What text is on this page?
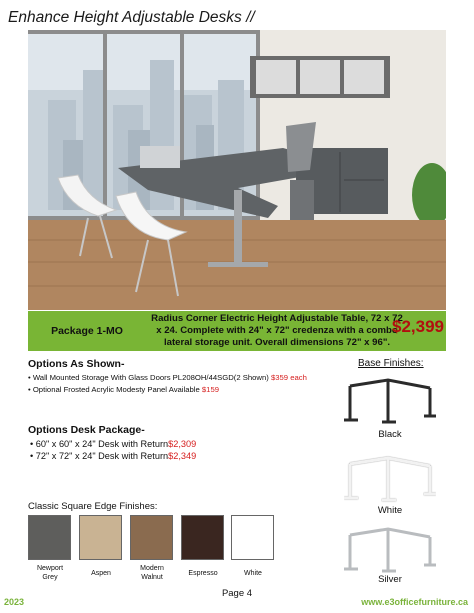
Enhance Height Adjustable Desks //
Package 1-MO
Radius Corner Electric Height Adjustable Table, 72 x 72
x 24. Complete with 24" x 72" credenza with a combo
lateral storage unit. Overall dimensions 72" x 96".
$2,399
Options As Shown-
• Wall Mounted Storage With Glass Doors PL208OH/44SGD(2 Shown) $359 each
• Optional Frosted Acrylic Modesty Panel Available $159
Options Desk Package-
• 60" x 60" x 24" Desk with Return$2,309
• 72" x 72" x 24" Desk with Return$2,349
Classic Square Edge Finishes:
Newport
Grey	Aspen
Modern
Walnut	Espresso	White
Base Finishes:
Black
White
Silver
Page 4
2023	www.e3officefurniture.ca
